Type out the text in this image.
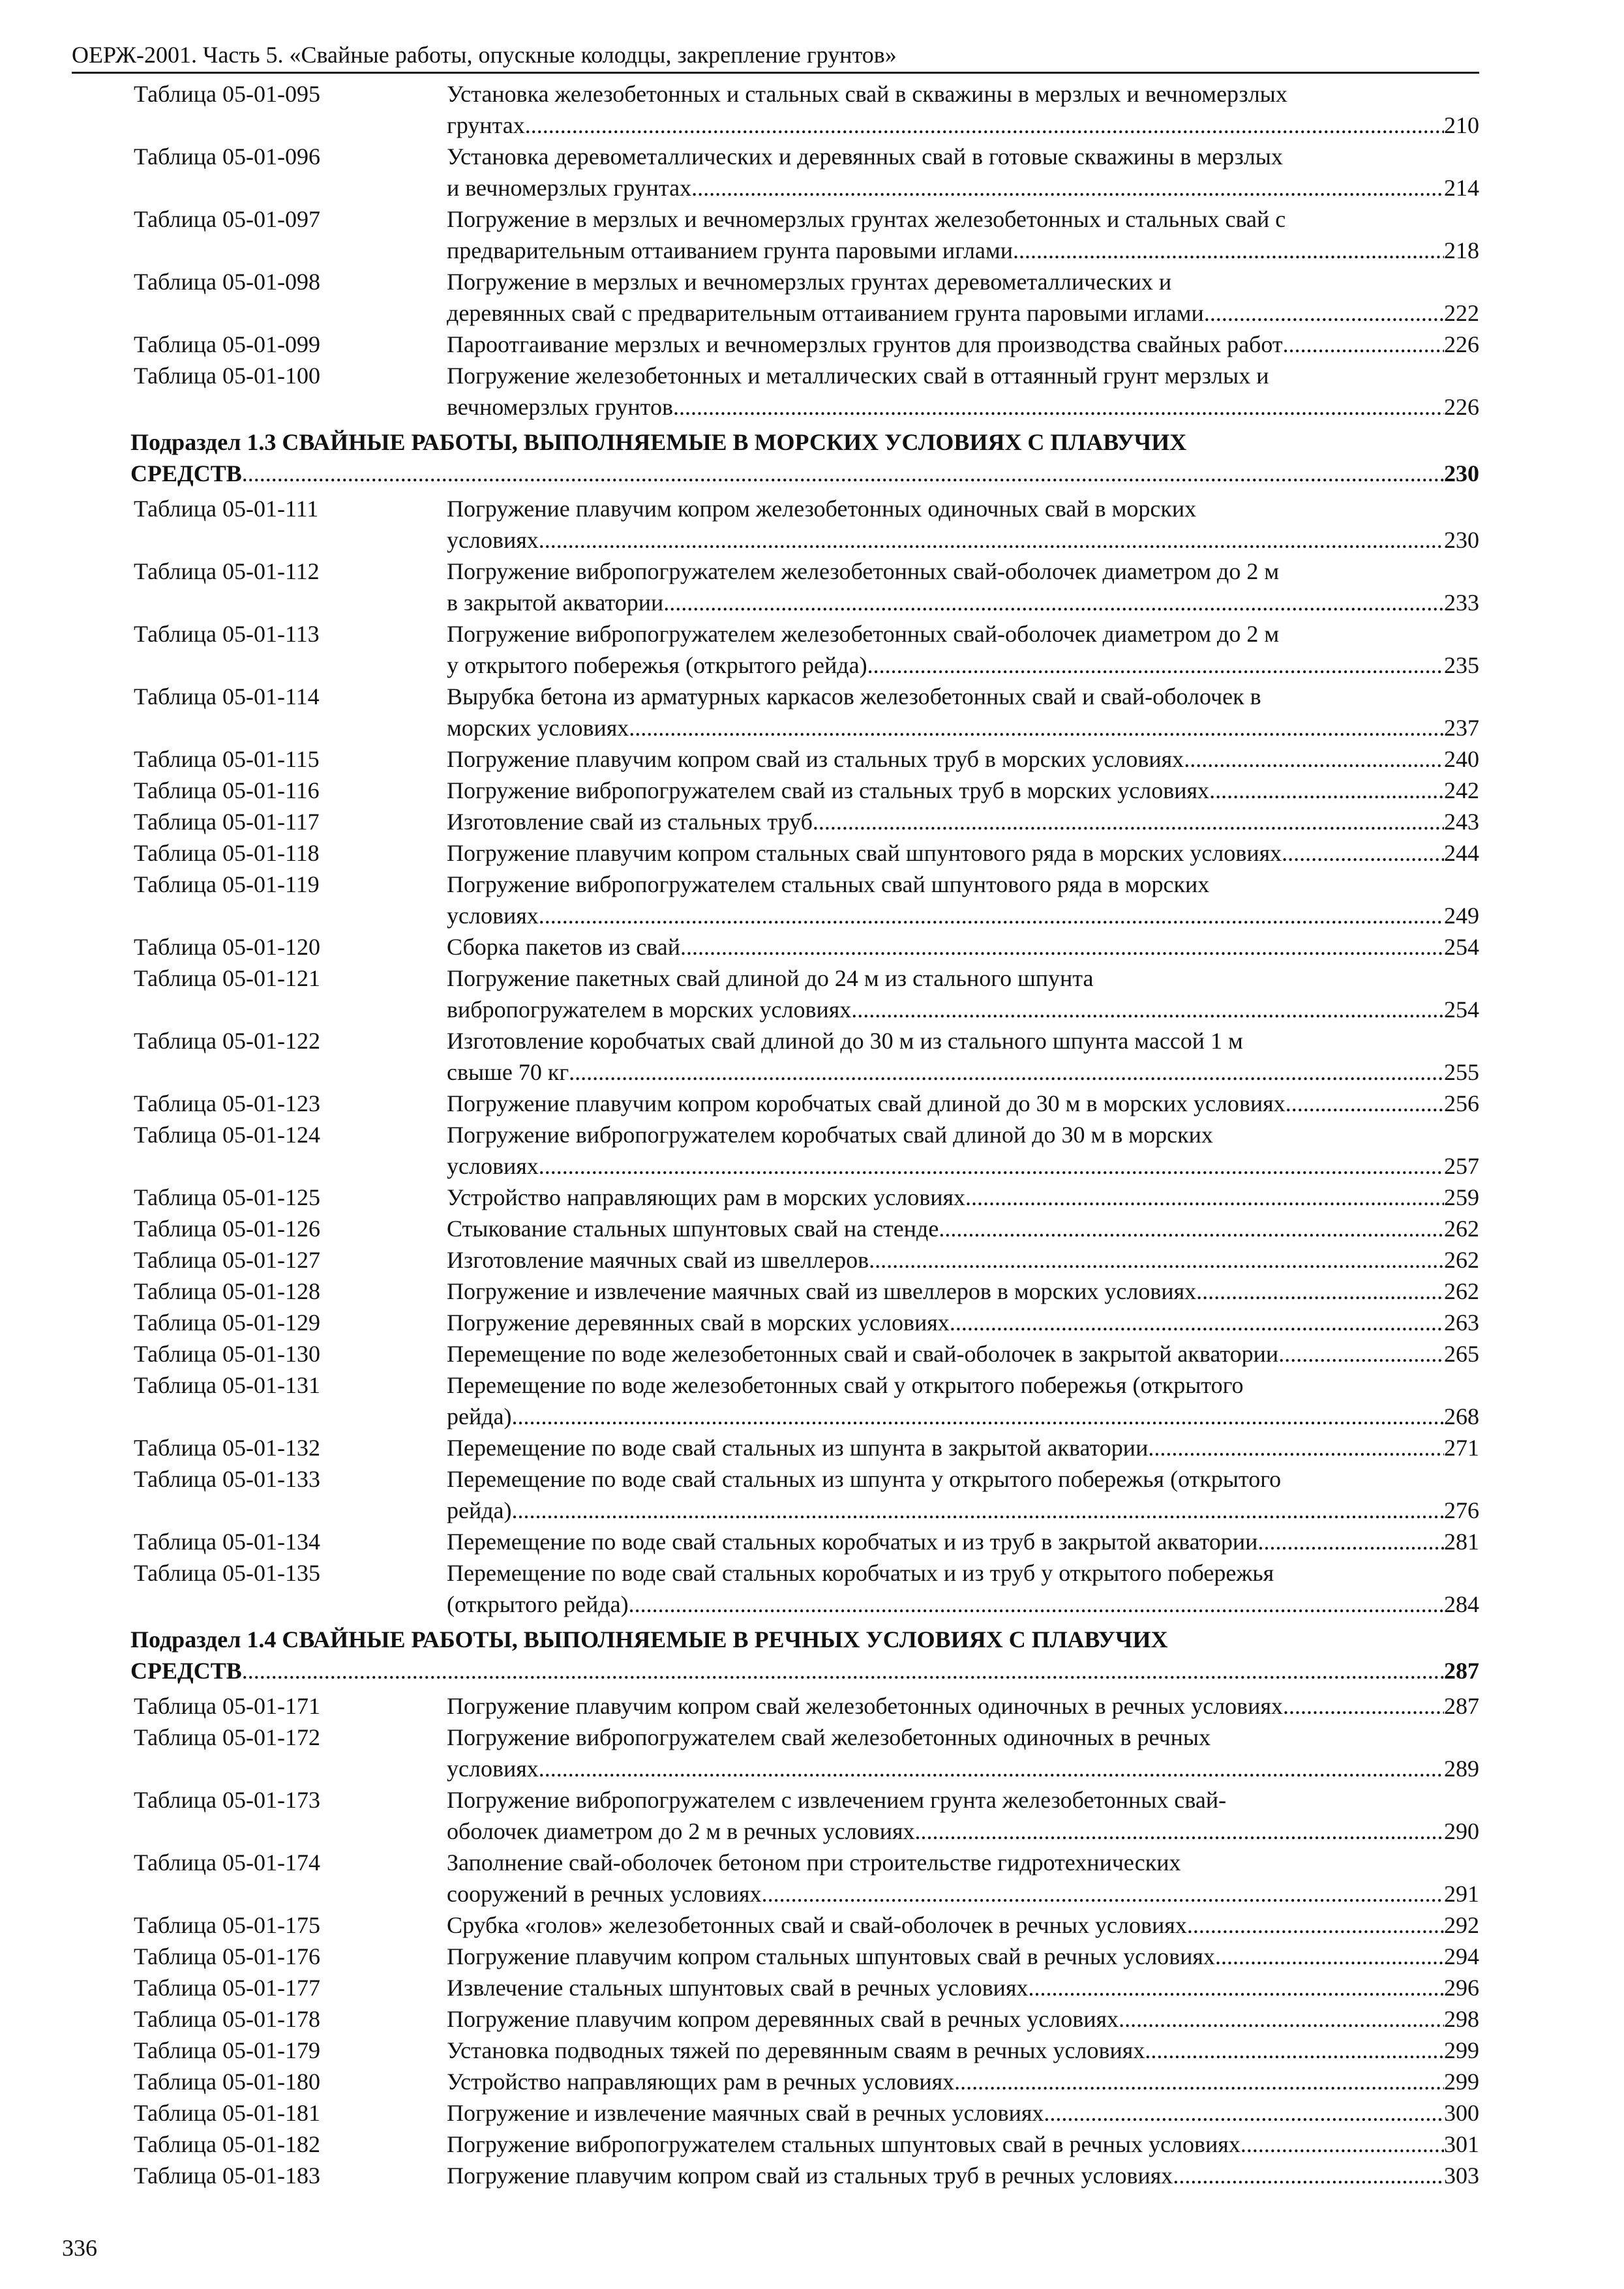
ОЕРЖ-2001. Часть 5. «Свайные работы, опускные колодцы, закрепление грунтов»
Таблица 05-01-095	Установка железобетонных и стальных свай в скважины в мерзлых и вечномерзлых
грунтах .....	210
Таблица 05-01-096	Установка деревометаллических и деревянных свай в готовые скважины в мерзлых
и вечномерзлых грунтах .....	214
Таблица 05-01-097	Погружение в мерзлых и вечномерзлых грунтах железобетонных и стальных свай с
предварительным оттаиванием грунта паровыми иглами .....	218
Таблица 05-01-098	Погружение в мерзлых и вечномерзлых грунтах деревометаллических и
деревянных свай с предварительным оттаиванием грунта паровыми иглами .....	222
Таблица 05-01-099	Пароотгаивание мерзлых и вечномерзлых грунтов для производства свайных работ .....	226
Таблица 05-01-100	Погружение железобетонных и металлических свай в оттаянный грунт мерзлых и
вечномерзлых грунтов .....	226
Подраздел 1.3 СВАЙНЫЕ РАБОТЫ, ВЫПОЛНЯЕМЫЕ В МОРСКИХ УСЛОВИЯХ С ПЛАВУЧИХ
СРЕДСТВ .....	230
Таблица 05-01-111	Погружение плавучим копром железобетонных одиночных свай в морских
условиях .....	230
Таблица 05-01-112	Погружение вибропогружателем железобетонных свай-оболочек диаметром до 2 м
в закрытой акватории .....	233
Таблица 05-01-113	Погружение вибропогружателем железобетонных свай-оболочек диаметром до 2 м
у открытого побережья (открытого рейда) .....	235
Таблица 05-01-114	Вырубка бетона из арматурных каркасов железобетонных свай и свай-оболочек в
морских условиях .....	237
Таблица 05-01-115	Погружение плавучим копром свай из стальных труб в морских условиях .....	240
Таблица 05-01-116	Погружение вибропогружателем свай из стальных труб в морских условиях .....	242
Таблица 05-01-117	Изготовление свай из стальных труб .....	243
Таблица 05-01-118	Погружение плавучим копром стальных свай шпунтового ряда в морских условиях .....	244
Таблица 05-01-119	Погружение вибропогружателем стальных свай шпунтового ряда в морских
условиях .....	249
Таблица 05-01-120	Сборка пакетов из свай .....	254
Таблица 05-01-121	Погружение пакетных свай длиной до 24 м из стального шпунта
вибропогружателем в морских условиях .....	254
Таблица 05-01-122	Изготовление коробчатых свай длиной до 30 м из стального шпунта массой 1 м
свыше 70 кг .....	255
Таблица 05-01-123	Погружение плавучим копром коробчатых свай длиной до 30 м в морских условиях .....	256
Таблица 05-01-124	Погружение вибропогружателем коробчатых свай длиной до 30 м в морских
условиях .....	257
Таблица 05-01-125	Устройство направляющих рам в морских условиях .....	259
Таблица 05-01-126	Стыкование стальных шпунтовых свай на стенде .....	262
Таблица 05-01-127	Изготовление маячных свай из швеллеров .....	262
Таблица 05-01-128	Погружение и извлечение маячных свай из швеллеров в морских условиях .....	262
Таблица 05-01-129	Погружение деревянных свай в морских условиях .....	263
Таблица 05-01-130	Перемещение по воде железобетонных свай и свай-оболочек в закрытой акватории .....	265
Таблица 05-01-131	Перемещение по воде железобетонных свай у открытого побережья (открытого
рейда) .....	268
Таблица 05-01-132	Перемещение по воде свай стальных из шпунта в закрытой акватории .....	271
Таблица 05-01-133	Перемещение по воде свай стальных из шпунта у открытого побережья (открытого
рейда) .....	276
Таблица 05-01-134	Перемещение по воде свай стальных коробчатых и из труб в закрытой акватории .....	281
Таблица 05-01-135	Перемещение по воде свай стальных коробчатых и из труб у открытого побережья
(открытого рейда) .....	284
Подраздел 1.4 СВАЙНЫЕ РАБОТЫ, ВЫПОЛНЯЕМЫЕ В РЕЧНЫХ УСЛОВИЯХ С ПЛАВУЧИХ
СРЕДСТВ .....	287
Таблица 05-01-171	Погружение плавучим копром свай железобетонных одиночных в речных условиях .....	287
Таблица 05-01-172	Погружение вибропогружателем свай железобетонных одиночных в речных
условиях .....	289
Таблица 05-01-173	Погружение вибропогружателем с извлечением грунта железобетонных свай-
оболочек диаметром до 2 м в речных условиях .....	290
Таблица 05-01-174	Заполнение свай-оболочек бетоном при строительстве гидротехнических
сооружений в речных условиях .....	291
Таблица 05-01-175	Срубка «голов» железобетонных свай и свай-оболочек в речных условиях .....	292
Таблица 05-01-176	Погружение плавучим копром стальных шпунтовых свай в речных условиях .....	294
Таблица 05-01-177	Извлечение стальных шпунтовых свай в речных условиях .....	296
Таблица 05-01-178	Погружение плавучим копром деревянных свай в речных условиях .....	298
Таблица 05-01-179	Установка подводных тяжей по деревянным сваям в речных условиях .....	299
Таблица 05-01-180	Устройство направляющих рам в речных условиях .....	299
Таблица 05-01-181	Погружение и извлечение маячных свай в речных условиях .....	300
Таблица 05-01-182	Погружение вибропогружателем стальных шпунтовых свай в речных условиях .....	301
Таблица 05-01-183	Погружение плавучим копром свай из стальных труб в речных условиях .....	303
336
